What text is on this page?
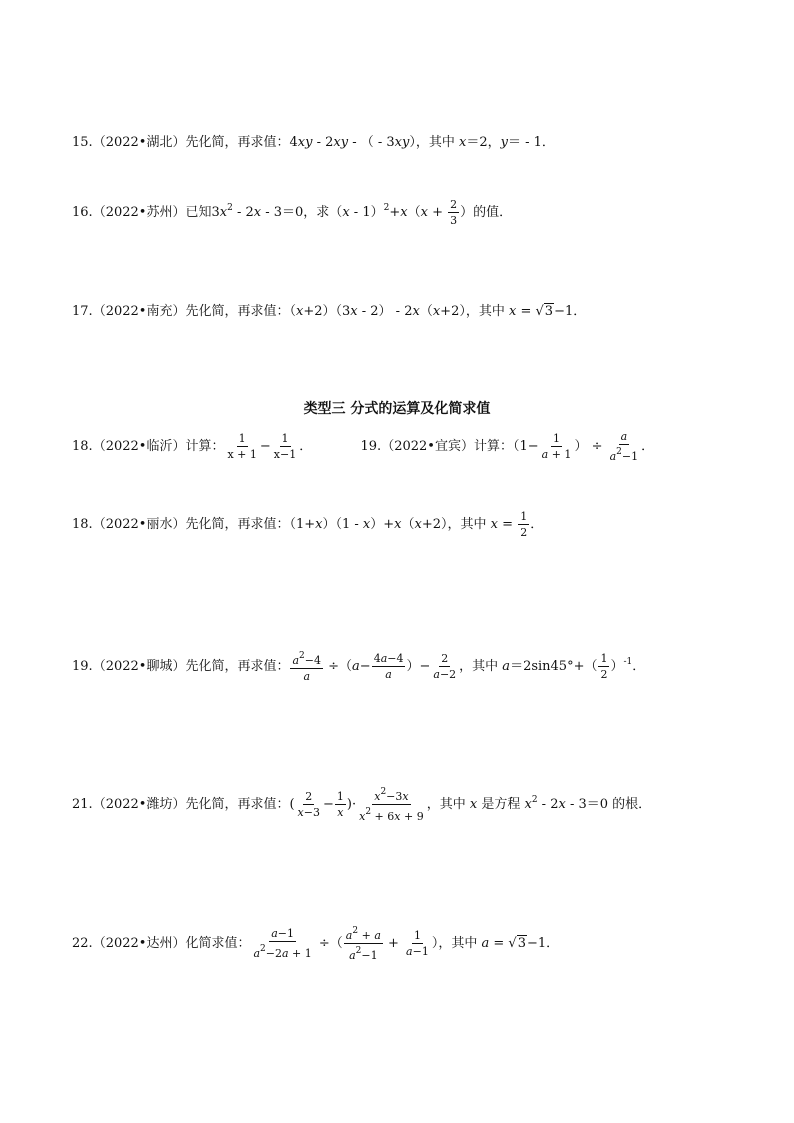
15.（2022•湖北）先化简，再求值：4xy - 2xy - （ - 3xy），其中 x＝2，y＝ - 1．
16.（2022•苏州）已知$3x^2 - 2x - 3=0$，求$(x - 1)^2+x(x + \frac{2}{3}$ ）的值．
17.（2022•南充）先化简，再求值：（x+2）（3x - 2） - 2x（x+2），其中 x = √3−1．
类型三 分式的运算及化简求值
18.（2022•临沂）计算： $\frac{1}{x + 1} - \frac{1}{x-1}$ ．	19.（2022•宜宾）计算：（$1- \frac{1}{a + 1}$ ） ÷ $\frac{a}{a^2-1}$ ．
18.（2022•丽水）先化简，再求值：（1+x）（1 - x）+x（x+2），其中 $x = \frac{1}{2}$ ．
19.（2022•聊城）先化简，再求值： $\frac{a^2-4}{a} \div(a- \frac{4a-4}{a}$ ）− $\frac{2}{a-2}$ ，其中 $a=2\sin 45^\circ+( \frac{1}{2} )^{-1}$．
21.（2022•潍坊）先化简，再求值：( $\frac{2}{x-3} - \frac{1}{x}$ )· $\frac{x^2-3x}{x^2 + 6x + 9}$ ，其中 x 是方程 $x^2 - 2x - 3=0$ 的根．
22.（2022•达州）化简求值： $\frac{a-1}{a^2-2a + 1}$ ÷（ $\frac{a^2 + a}{a^2-1} + \frac{1}{a-1}$ ），其中 a = √3−1．
